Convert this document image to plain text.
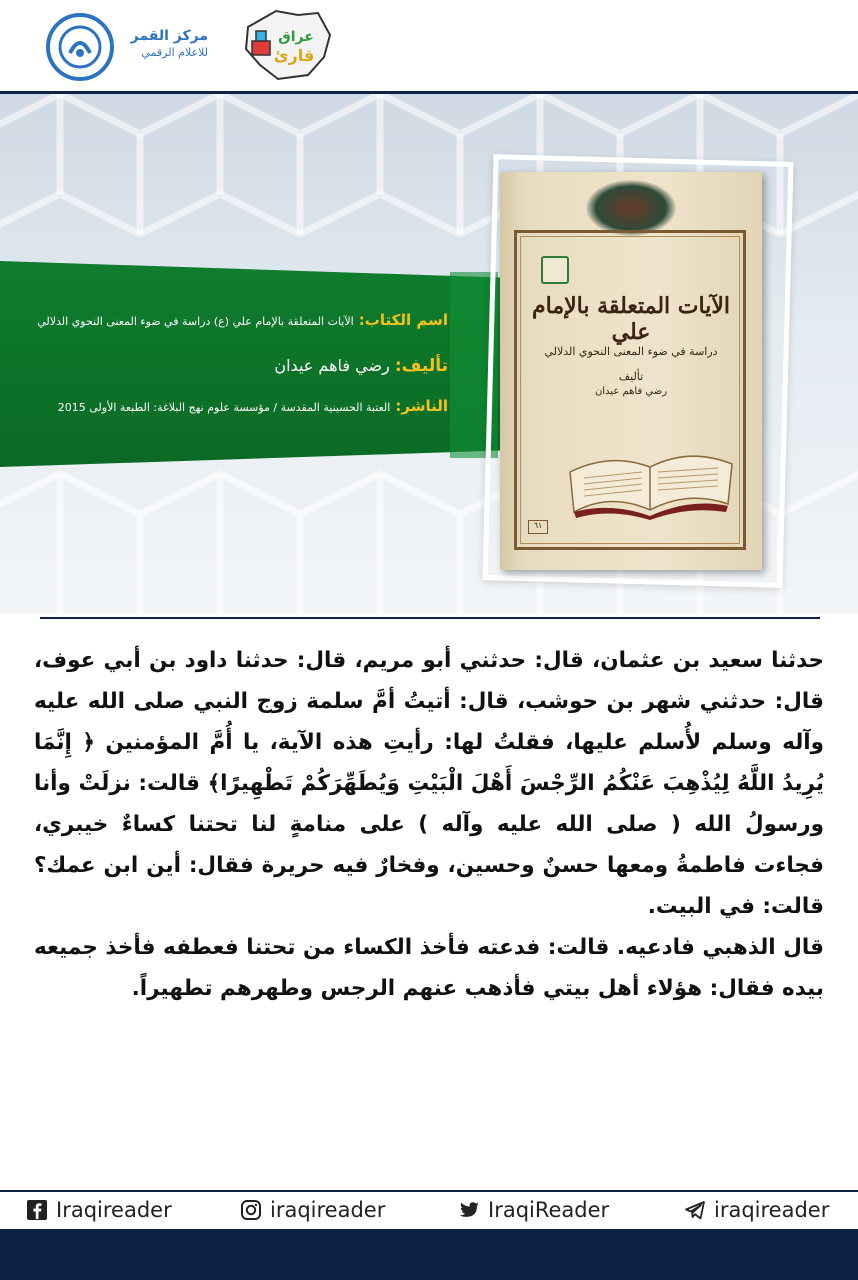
مركز القمر
للاعلام الرقمي
عراق
قارئ
اسم الكتاب: الآيات المتعلقة بالإمام علي (ع) دراسة في ضوء المعنى النحوي الدلالي
تأليف: رضي فاهم عيدان
الناشر: العتبة الحسينية المقدسة / مؤسسة علوم نهج البلاغة: الطبعة الأولى 2015
الآيات المتعلقة بالإمام علي
دراسة في ضوء المعنى النحوي الدلالي
تأليف
رضي فاهم عيدان
٦١

حدثنا سعيد بن عثمان، قال: حدثني أبو مريم، قال: حدثنا داود بن أبي عوف، قال: حدثني شهر بن حوشب، قال: أتيتُ أمَّ سلمة زوج النبي صلى الله عليه وآله وسلم لأُسلم عليها، فقلتُ لها: رأيتِ هذه الآية، يا أُمَّ المؤمنين ﴿ إِنَّمَا يُرِيدُ اللَّهُ لِيُذْهِبَ عَنْكُمُ الرِّجْسَ أَهْلَ الْبَيْتِ وَيُطَهِّرَكُمْ تَطْهِيرًا﴾ قالت: نزلَتْ وأنا ورسولُ الله ( صلى الله عليه وآله ) على منامةٍ لنا تحتنا كساءٌ خيبري، فجاءت فاطمةُ ومعها حسنٌ وحسين، وفخارٌ فيه حريرة فقال: أين ابن عمك؟ قالت: في البيت.

قال الذهبي فادعيه. قالت: فدعته فأخذ الكساء من تحتنا فعطفه فأخذ جميعه بيده فقال: هؤلاء أهل بيتي فأذهب عنهم الرجس وطهرهم تطهيراً.

Iraqireader	iraqireader	IraqiReader	iraqireader
